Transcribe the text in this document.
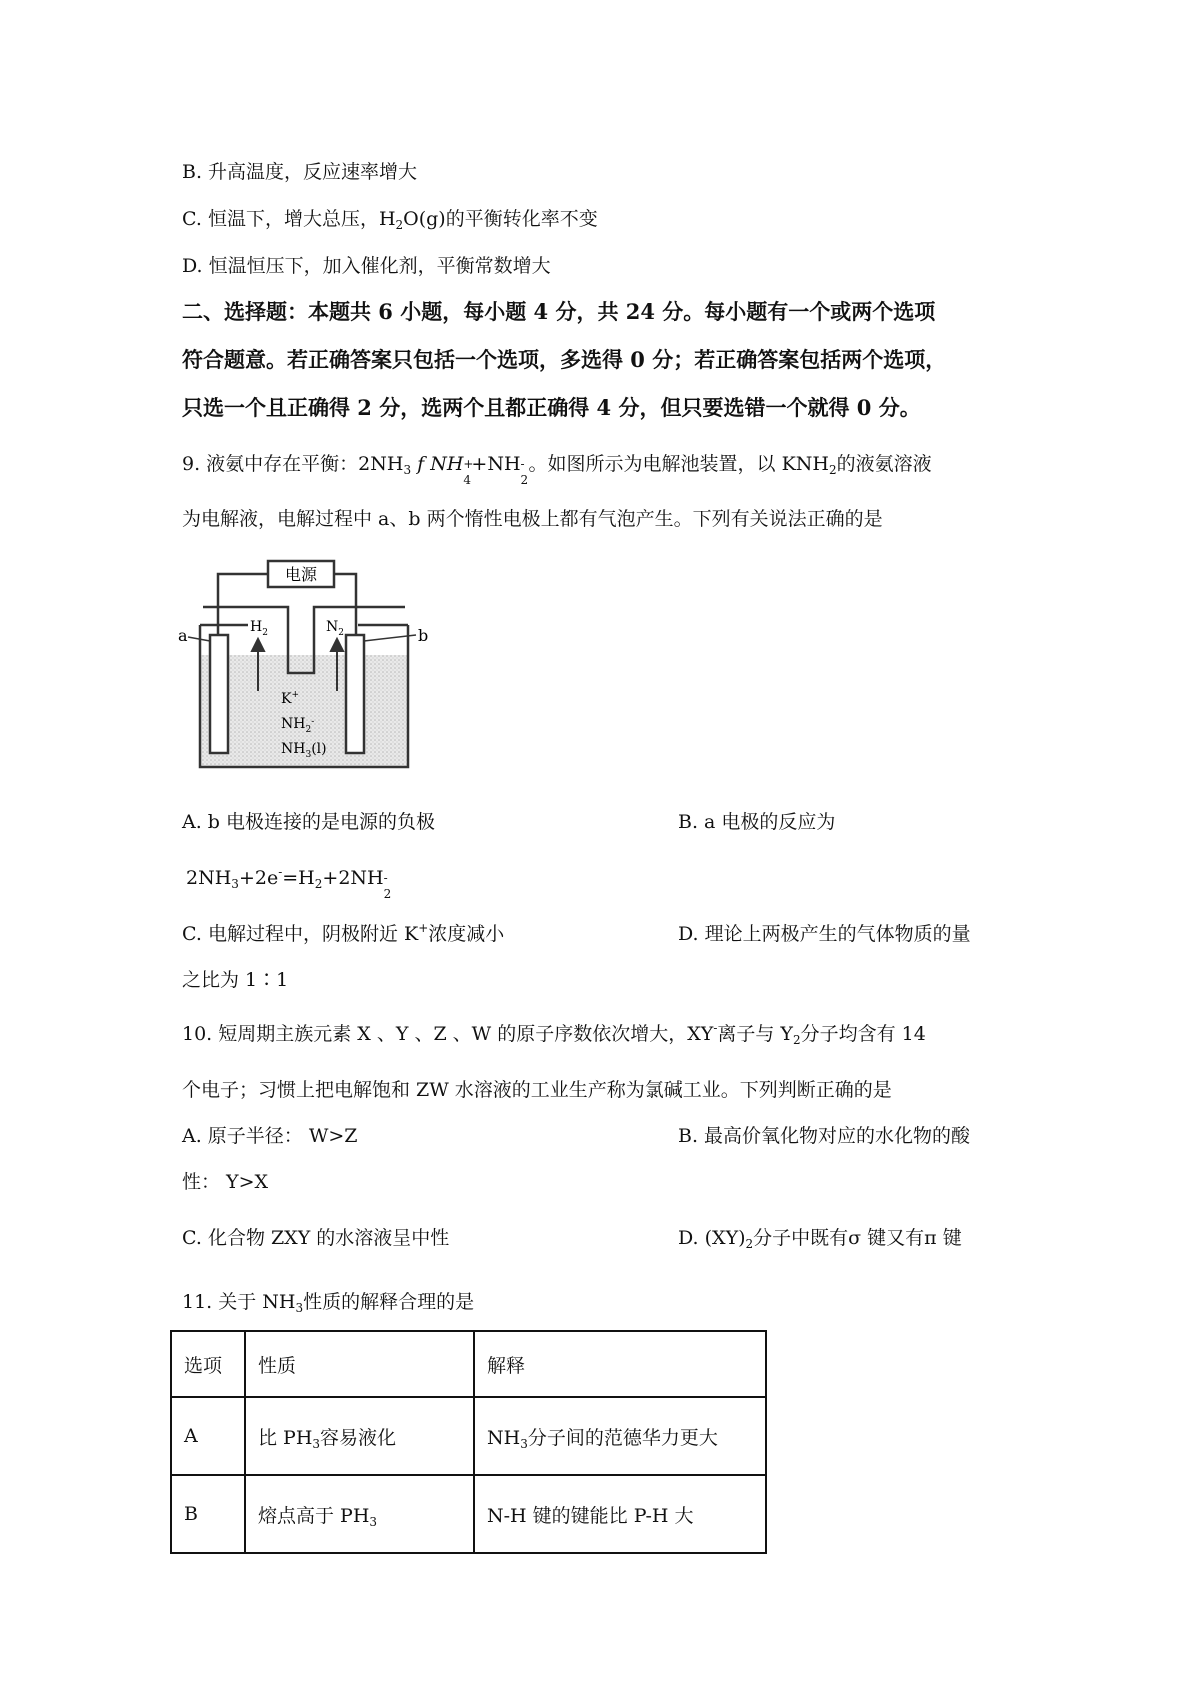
B. 升高温度，反应速率增大
C. 恒温下，增大总压，$H_2O(g)$的平衡转化率不变
D. 恒温恒压下，加入催化剂，平衡常数增大
二、选择题：本题共 6 小题，每小题 4 分，共 24 分。每小题有一个或两个选项
符合题意。若正确答案只包括一个选项，多选得 0 分；若正确答案包括两个选项，
只选一个且正确得 2 分，选两个且都正确得 4 分，但只要选错一个就得 0 分。
9. 液氨中存在平衡：$2NH_3$ f NH +
4
+NH -
2
。如图所示为电解池装置，以 $KNH_2$的液氨溶液
为电解液，电解过程中 a、b 两个惰性电极上都有气泡产生。下列有关说法正确的是
电源
a	b
$H_2$	$N_2$
K+
$NH_2^-$
$NH_3(l)$
A. b 电极连接的是电源的负极	B. a 电极的反应为
$2NH_3+2e^-=H_2+2NH$ -
2
C. 电解过程中，阴极附近 K+浓度减小	D. 理论上两极产生的气体物质的量
之比为 1∶1
10. 短周期主族元素 X 、Y 、Z 、W 的原子序数依次增大，XY-离子与 $Y_2$分子均含有 14
个电子；习惯上把电解饱和 ZW 水溶液的工业生产称为氯碱工业。下列判断正确的是
A. 原子半径： W>Z	B. 最高价氧化物对应的水化物的酸
性： Y>X
C. 化合物 ZXY 的水溶液呈中性	D. $(XY)_2$分子中既有σ 键又有π 键
11. 关于 $NH_3$性质的解释合理的是
选项	性质	解释
A	比 $PH_3$容易液化	$NH_3$分子间的范德华力更大
B	熔点高于 $PH_3$	N-H 键的键能比 P-H 大
